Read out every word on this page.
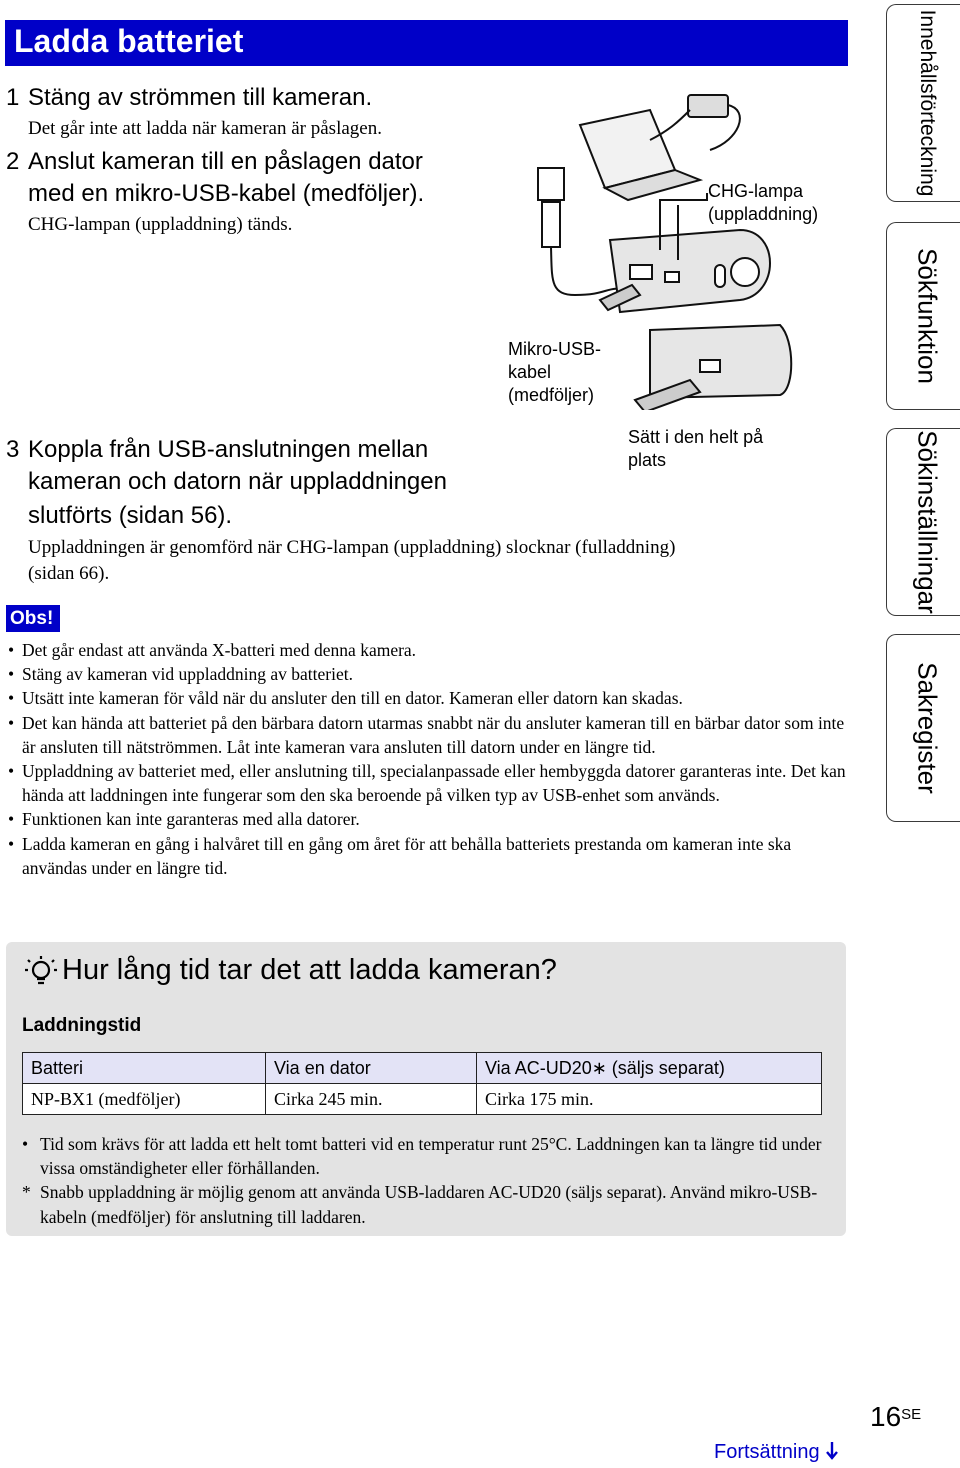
Ladda batteriet
1 Stäng av strömmen till kameran.
Det går inte att ladda när kameran är påslagen.
2 Anslut kameran till en påslagen dator
med en mikro-USB-kabel (medföljer).
CHG-lampan (uppladdning) tänds.
CHG-lampa
(uppladdning)
Mikro-USB-
kabel
(medföljer)
Sätt i den helt på
plats
3 Koppla från USB-anslutningen mellan
kameran och datorn när uppladdningen
slutförts (sidan 56).
Uppladdningen är genomförd när CHG-lampan (uppladdning) slocknar (fulladdning)
(sidan 66).
Obs!
• Det går endast att använda X-batteri med denna kamera.
• Stäng av kameran vid uppladdning av batteriet.
• Utsätt inte kameran för våld när du ansluter den till en dator. Kameran eller datorn kan skadas.
• Det kan hända att batteriet på den bärbara datorn utarmas snabbt när du ansluter kameran till en bärbar dator som inte är ansluten till nätströmmen. Låt inte kameran vara ansluten till datorn under en längre tid.
• Uppladdning av batteriet med, eller anslutning till, specialanpassade eller hembyggda datorer garanteras inte. Det kan hända att laddningen inte fungerar som den ska beroende på vilken typ av USB-enhet som används.
• Funktionen kan inte garanteras med alla datorer.
• Ladda kameran en gång i halvåret till en gång om året för att behålla batteriets prestanda om kameran inte ska användas under en längre tid.
Innehållsförteckning
Sökfunktion
Sökinställningar
Sakregister
Hur lång tid tar det att ladda kameran?
Laddningstid
Batteri	Via en dator	Via AC-UD20∗ (säljs separat)
NP-BX1 (medföljer)	Cirka 245 min.	Cirka 175 min.
• Tid som krävs för att ladda ett helt tomt batteri vid en temperatur runt 25°C. Laddningen kan ta längre tid under vissa omständigheter eller förhållanden.
* Snabb uppladdning är möjlig genom att använda USB-laddaren AC-UD20 (säljs separat). Använd mikro-USB-kabeln (medföljer) för anslutning till laddaren.
$16^{SE}$
Fortsättning
